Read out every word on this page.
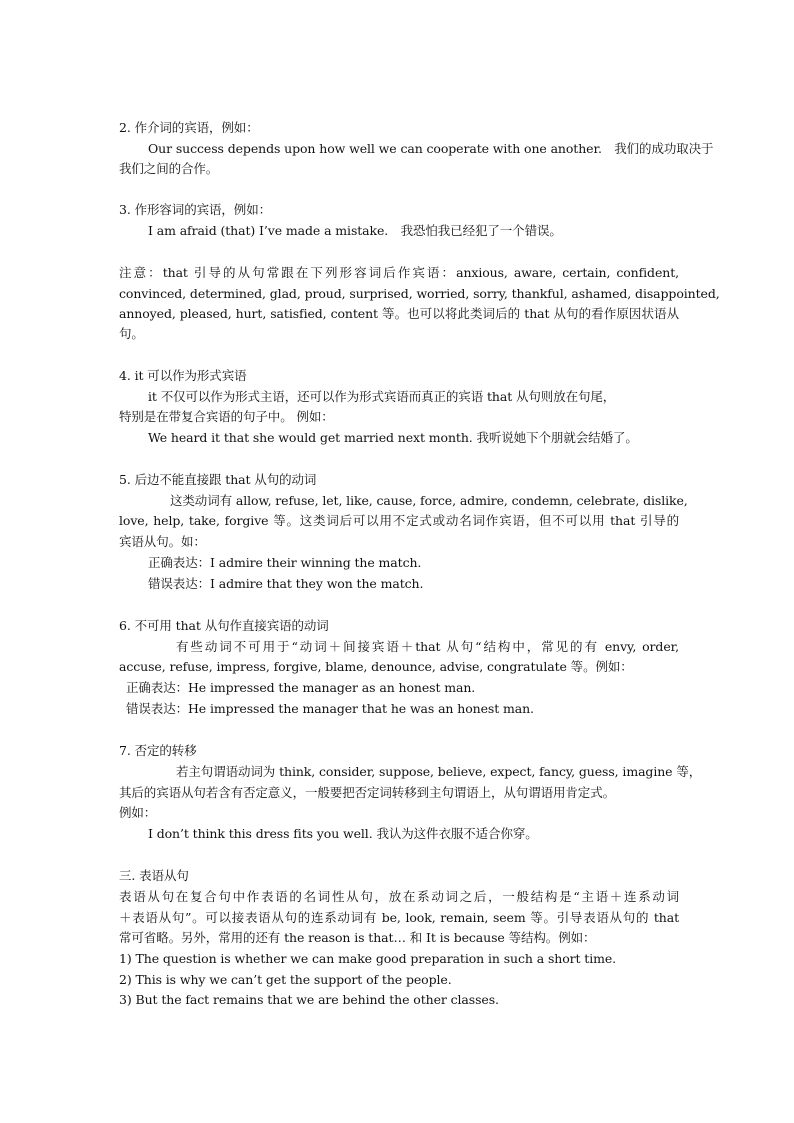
2. 作介词的宾语，例如：
Our success depends upon how well we can cooperate with one another.　我们的成功取决于
我们之间的合作。
3. 作形容词的宾语，例如：
I am afraid (that) I’ve made a mistake.　我恐怕我已经犯了一个错误。
注意：that 引导的从句常跟在下列形容词后作宾语：anxious, aware, certain, confident,
convinced, determined, glad, proud, surprised, worried, sorry, thankful, ashamed, disappointed,
annoyed, pleased, hurt, satisfied, content 等。也可以将此类词后的 that 从句的看作原因状语从
句。
4. it 可以作为形式宾语
it 不仅可以作为形式主语，还可以作为形式宾语而真正的宾语 that 从句则放在句尾，
特别是在带复合宾语的句子中。 例如：
We heard it that she would get married next month. 我听说她下个朋就会结婚了。
5. 后边不能直接跟 that 从句的动词
这类动词有 allow, refuse, let, like, cause, force, admire, condemn, celebrate, dislike,
love, help, take, forgive 等。这类词后可以用不定式或动名词作宾语，但不可以用 that 引导的
宾语从句。如：
正确表达：I admire their winning the match.
错误表达：I admire that they won the match.
6. 不可用 that 从句作直接宾语的动词
有些动词不可用于“动词＋间接宾语＋that 从句“结构中，常见的有 envy, order,
accuse, refuse, impress, forgive, blame, denounce, advise, congratulate 等。例如：
正确表达：He impressed the manager as an honest man.
错误表达：He impressed the manager that he was an honest man.
7. 否定的转移
若主句谓语动词为 think, consider, suppose, believe, expect, fancy, guess, imagine 等，
其后的宾语从句若含有否定意义，一般要把否定词转移到主句谓语上，从句谓语用肯定式。
例如：
I don’t think this dress fits you well. 我认为这件衣服不适合你穿。
三. 表语从句
表语从句在复合句中作表语的名词性从句，放在系动词之后，一般结构是“主语＋连系动词
＋表语从句”。可以接表语从句的连系动词有 be, look, remain, seem 等。引导表语从句的 that
常可省略。另外，常用的还有 the reason is that… 和 It is because 等结构。例如：
1) The question is whether we can make good preparation in such a short time.
2) This is why we can’t get the support of the people.
3) But the fact remains that we are behind the other classes.
